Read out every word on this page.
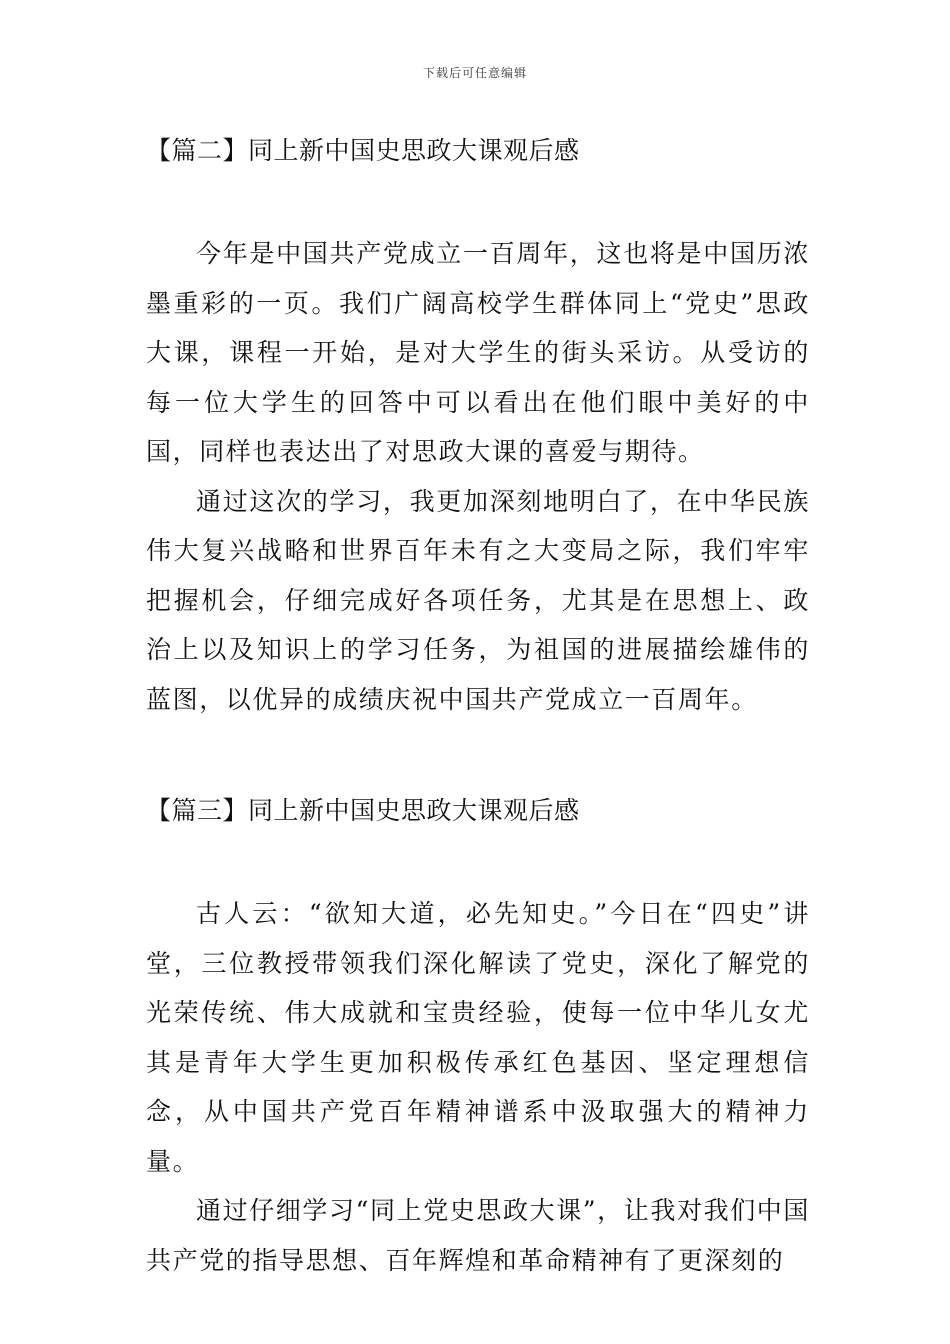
下载后可任意编辑
【篇二】同上新中国史思政大课观后感

今年是中国共产党成立一百周年，这也将是中国历浓墨重彩的一页。我们广阔高校学生群体同上“党史”思政大课，课程一开始，是对大学生的街头采访。从受访的每一位大学生的回答中可以看出在他们眼中美好的中国，同样也表达出了对思政大课的喜爱与期待。

通过这次的学习，我更加深刻地明白了，在中华民族伟大复兴战略和世界百年未有之大变局之际，我们牢牢把握机会，仔细完成好各项任务，尤其是在思想上、政治上以及知识上的学习任务，为祖国的进展描绘雄伟的蓝图，以优异的成绩庆祝中国共产党成立一百周年。

【篇三】同上新中国史思政大课观后感

古人云：“欲知大道，必先知史。”今日在“四史”讲堂，三位教授带领我们深化解读了党史，深化了解党的光荣传统、伟大成就和宝贵经验，使每一位中华儿女尤其是青年大学生更加积极传承红色基因、坚定理想信念，从中国共产党百年精神谱系中汲取强大的精神力量。

通过仔细学习“同上党史思政大课”，让我对我们中国共产党的指导思想、百年辉煌和革命精神有了更深刻的
